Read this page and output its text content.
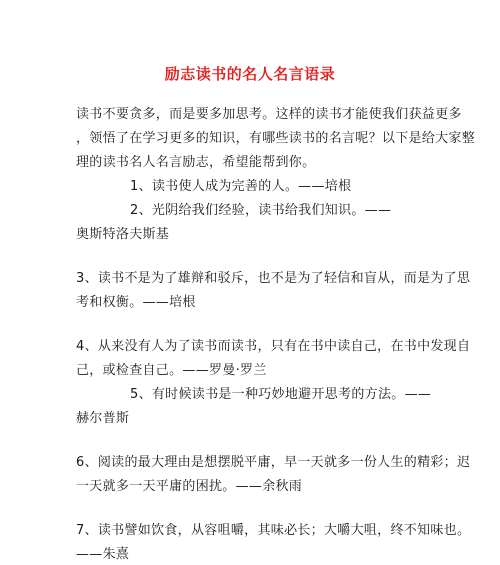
励志读书的名人名言语录
读书不要贪多，而是要多加思考。这样的读书才能使我们获益更多
，领悟了在学习更多的知识，有哪些读书的名言呢？以下是给大家整
理的读书名人名言励志，希望能帮到你。
1、读书使人成为完善的人。——培根
2、光阴给我们经验，读书给我们知识。——
奥斯特洛夫斯基
3、读书不是为了雄辩和驳斥，也不是为了轻信和盲从，而是为了思
考和权衡。——培根
4、从来没有人为了读书而读书，只有在书中读自己，在书中发现自
己，或检查自己。——罗曼·罗兰
5、有时候读书是一种巧妙地避开思考的方法。——
赫尔普斯
6、阅读的最大理由是想摆脱平庸，早一天就多一份人生的精彩；迟
一天就多一天平庸的困扰。——余秋雨
7、读书譬如饮食，从容咀嚼，其味必长；大嚼大咀，终不知味也。
——朱熹
